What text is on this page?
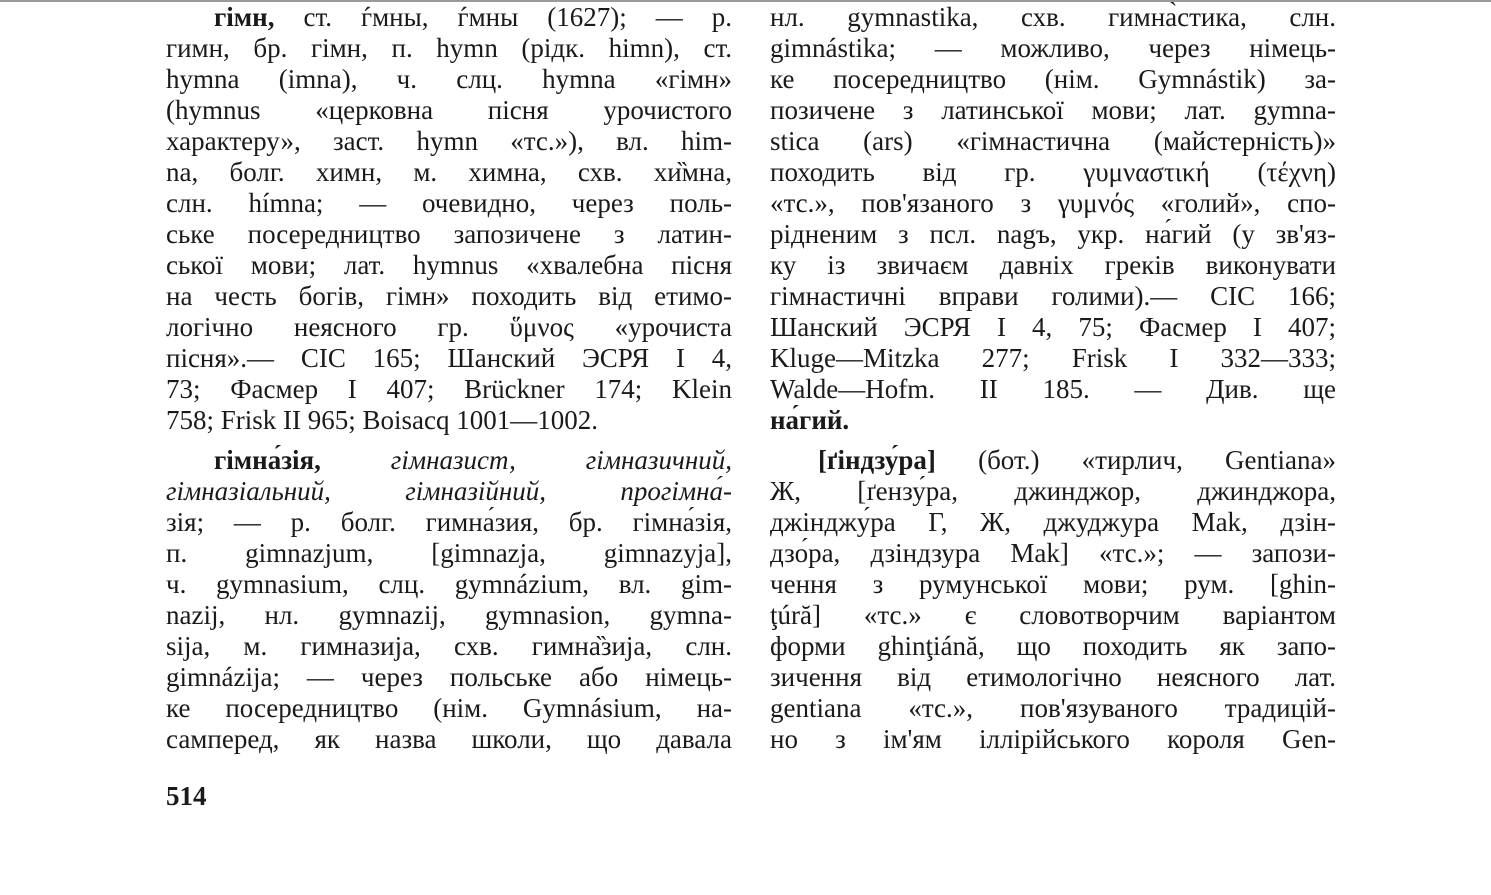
гімн, ст. ѓмны, ѓмны (1627); — р.
гимн, бр. гімн, п. hymn (рідк. himn), ст.
hymna (imna), ч. слц. hymna «гімн»
(hymnus «церковна пісня урочистого
характеру», заст. hymn «тс.»), вл. him-
na, болг. химн, м. химна, схв. хи̏мна,
слн. hímna; — очевидно, через поль-
ське посередництво запозичене з латин-
ської мови; лат. hymnus «хвалебна пісня
на честь богів, гімн» походить від етимо-
логічно неясного гр. ὕμνος «урочиста
пісня».— СІС 165; Шанский ЭСРЯ I 4,
73; Фасмер I 407; Brückner 174; Klein
758; Frisk II 965; Boisacq 1001—1002.
гімна́зія,	гімназист, гімназичний,
гімназіальний, гімназійний, прогімна́-
зія; — р. болг. гимна́зия, бр. гімна́зія,
п. gimnazjum, [gimnazja, gimnazyja],
ч. gymnasium, слц. gymnázium, вл. gim-
nazij, нл. gymnazij, gymnasion, gymna-
sija, м. гимназија, схв. гимна̏зија, слн.
gimnázija; — через польське або німець-
ке посередництво (нім. Gymnásium, на-
самперед, як назва школи, що давала
нл. gymnastika, схв. гимна̀стика, слн.
gimnástika; — можливо, через німець-
ке посередництво (нім. Gymnástik) за-
позичене з латинської мови; лат. gymna-
stica (ars) «гімнастична (майстерність)»
походить від гр. γυμναστική (τέχνη)
«тс.», пов'язаного з γυμνός «голий», спо-
рідненим з псл. nagъ, укр. на́гий (у зв'яз-
ку із звичаєм давніх греків виконувати
гімнастичні вправи голими).— СІС 166;
Шанский ЭСРЯ I 4, 75; Фасмер I 407;
Kluge—Mitzka 277; Frisk I 332—333;
Walde—Hofm. II 185. — Див. ще
на́гий.
[ґіндзу́ра] (бот.) «тирлич, Gentiana»
Ж, [ґензу́ра, джинджор, джинджора,
джінджу́ра Г, Ж, джуджура Mak, дзін-
дзо́ра, дзіндзура Mak] «тс.»; — запози-
чення з румунської мови; рум. [ghin-
ţúră] «тс.» є словотворчим варіантом
форми ghinţiánă, що походить як запо-
зичення від етимологічно неясного лат.
gentiana «тс.», пов'язуваного традицій-
но з ім'ям іллірійського короля Gen-
514
